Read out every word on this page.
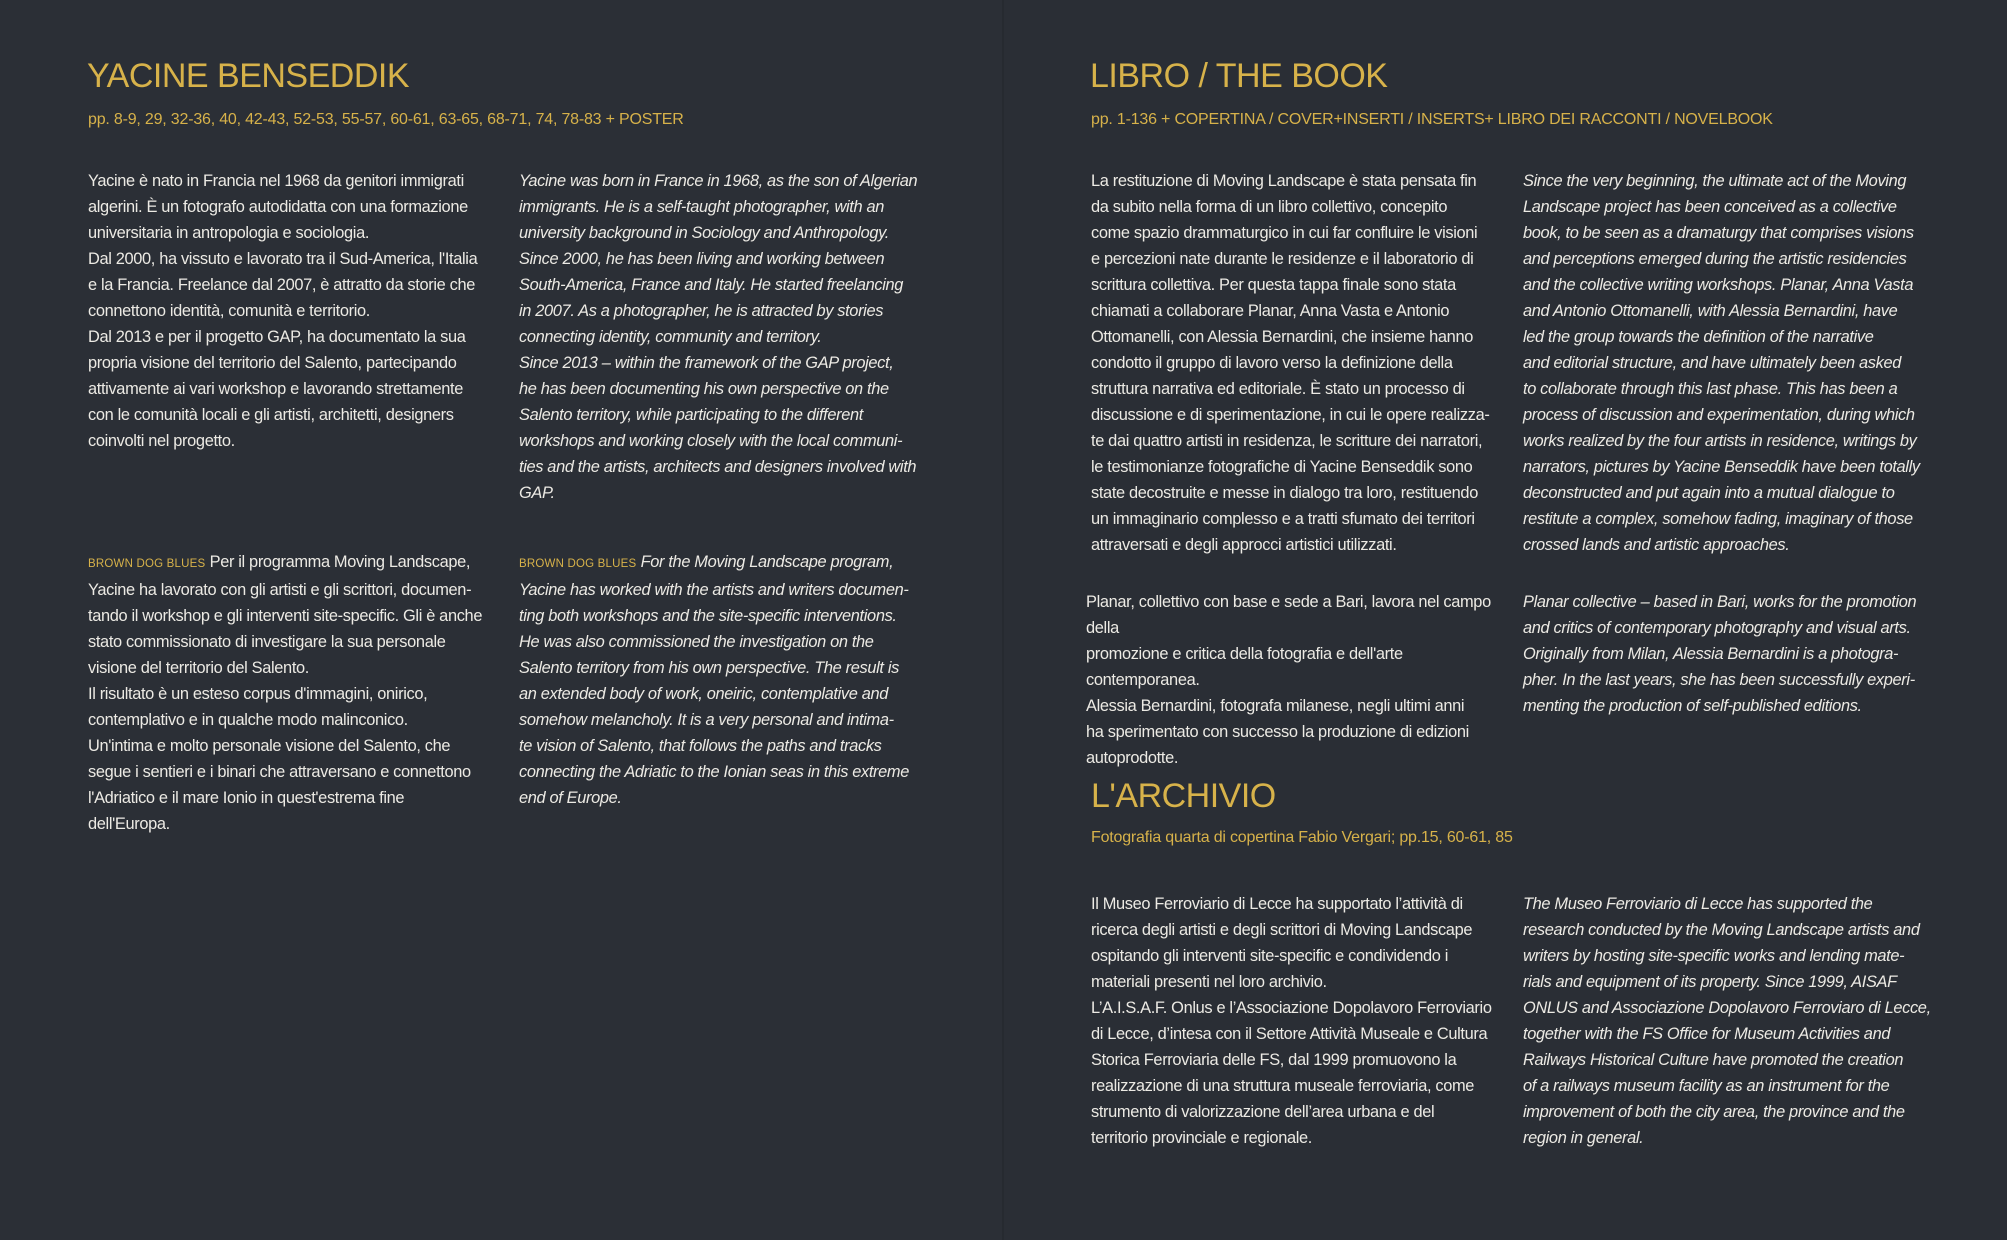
YACINE BENSEDDIK

pp. 8-9, 29, 32-36, 40, 42-43, 52-53, 55-57, 60-61, 63-65, 68-71, 74, 78-83 + POSTER

Yacine è nato in Francia nel 1968 da genitori immigrati
algerini. È un fotografo autodidatta con una formazione
universitaria in antropologia e sociologia.
Dal 2000, ha vissuto e lavorato tra il Sud-America, l'Italia
e la Francia. Freelance dal 2007, è attratto da storie che
connettono identità, comunità e territorio.
Dal 2013 e per il progetto GAP, ha documentato la sua
propria visione del territorio del Salento, partecipando
attivamente ai vari workshop e lavorando strettamente
con le comunità locali e gli artisti, architetti, designers
coinvolti nel progetto.

Yacine was born in France in 1968, as the son of Algerian
immigrants. He is a self-taught photographer, with an
university background in Sociology and Anthropology.
Since 2000, he has been living and working between
South-America, France and Italy. He started freelancing
in 2007. As a photographer, he is attracted by stories
connecting identity, community and territory.
Since 2013 – within the framework of the GAP project,
he has been documenting his own perspective on the
Salento territory, while participating to the different
workshops and working closely with the local communi-
ties and the artists, architects and designers involved with
GAP.

BROWN DOG BLUES Per il programma Moving Landscape,
Yacine ha lavorato con gli artisti e gli scrittori, documen-
tando il workshop e gli interventi site-specific. Gli è anche
stato commissionato di investigare la sua personale
visione del territorio del Salento.
Il risultato è un esteso corpus d'immagini, onirico,
contemplativo e in qualche modo malinconico.
Un'intima e molto personale visione del Salento, che
segue i sentieri e i binari che attraversano e connettono
l'Adriatico e il mare Ionio in quest'estrema fine
dell'Europa.

BROWN DOG BLUES For the Moving Landscape program,
Yacine has worked with the artists and writers documen-
ting both workshops and the site-specific interventions.
He was also commissioned the investigation on the
Salento territory from his own perspective. The result is
an extended body of work, oneiric, contemplative and
somehow melancholy. It is a very personal and intima-
te vision of Salento, that follows the paths and tracks
connecting the Adriatic to the Ionian seas in this extreme
end of Europe.

LIBRO / THE BOOK

pp. 1-136 + COPERTINA / COVER+INSERTI / INSERTS+ LIBRO DEI RACCONTI / NOVELBOOK

La restituzione di Moving Landscape è stata pensata fin
da subito nella forma di un libro collettivo, concepito
come spazio drammaturgico in cui far confluire le visioni
e percezioni nate durante le residenze e il laboratorio di
scrittura collettiva. Per questa tappa finale sono stata
chiamati a collaborare Planar, Anna Vasta e Antonio
Ottomanelli, con Alessia Bernardini, che insieme hanno
condotto il gruppo di lavoro verso la definizione della
struttura narrativa ed editoriale. È stato un processo di
discussione e di sperimentazione, in cui le opere realizza-
te dai quattro artisti in residenza, le scritture dei narratori,
le testimonianze fotografiche di Yacine Benseddik sono
state decostruite e messe in dialogo tra loro, restituendo
un immaginario complesso e a tratti sfumato dei territori
attraversati e degli approcci artistici utilizzati.

Since the very beginning, the ultimate act of the Moving
Landscape project has been conceived as a collective
book, to be seen as a dramaturgy that comprises visions
and perceptions emerged during the artistic residencies
and the collective writing workshops. Planar, Anna Vasta
and Antonio Ottomanelli, with Alessia Bernardini, have
led the group towards the definition of the narrative
and editorial structure, and have ultimately been asked
to collaborate through this last phase. This has been a
process of discussion and experimentation, during which
works realized by the four artists in residence, writings by
narrators, pictures by Yacine Benseddik have been totally
deconstructed and put again into a mutual dialogue to
restitute a complex, somehow fading, imaginary of those
crossed lands and artistic approaches.

Planar, collettivo con base e sede a Bari, lavora nel campo della
promozione e critica della fotografia e dell'arte contemporanea.
Alessia Bernardini, fotografa milanese, negli ultimi anni
ha sperimentato con successo la produzione di edizioni
autoprodotte.

Planar collective – based in Bari, works for the promotion
and critics of contemporary photography and visual arts.
Originally from Milan, Alessia Bernardini is a photogra-
pher. In the last years, she has been successfully experi-
menting the production of self-published editions.

L'ARCHIVIO

Fotografia quarta di copertina Fabio Vergari; pp.15, 60-61, 85

Il Museo Ferroviario di Lecce ha supportato l’attività di
ricerca degli artisti e degli scrittori di Moving Landscape
ospitando gli interventi site-specific e condividendo i
materiali presenti nel loro archivio.
L’A.I.S.A.F. Onlus e l’Associazione Dopolavoro Ferroviario
di Lecce, d’intesa con il Settore Attività Museale e Cultura
Storica Ferroviaria delle FS, dal 1999 promuovono la
realizzazione di una struttura museale ferroviaria, come
strumento di valorizzazione dell’area urbana e del
territorio provinciale e regionale.

The Museo Ferroviario di Lecce has supported the
research conducted by the Moving Landscape artists and
writers by hosting site-specific works and lending mate-
rials and equipment of its property. Since 1999, AISAF
ONLUS and Associazione Dopolavoro Ferroviaro di Lecce,
together with the FS Office for Museum Activities and
Railways Historical Culture have promoted the creation
of a railways museum facility as an instrument for the
improvement of both the city area, the province and the
region in general.
